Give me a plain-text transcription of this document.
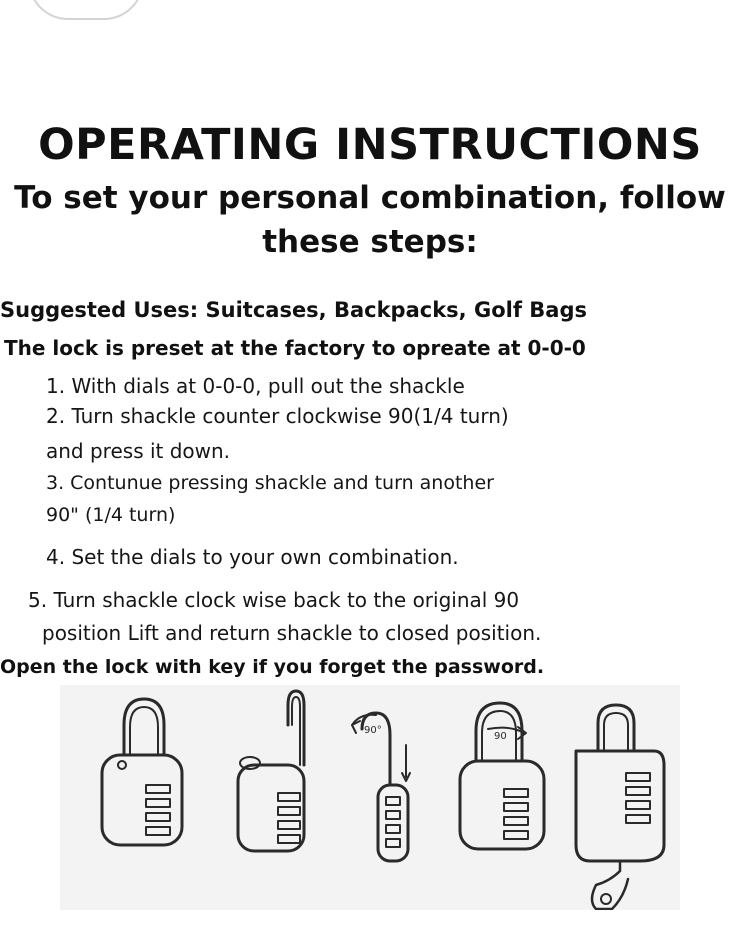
OPERATING INSTRUCTIONS
To set your personal combination, follow these steps:
Suggested Uses: Suitcases, Backpacks, Golf Bags
The lock is preset at the factory to opreate at 0-0-0
1. With dials at 0-0-0, pull out the shackle
2. Turn shackle counter clockwise 90(1/4 turn)
and press it down.
3. Contunue pressing shackle and turn another
90" (1/4 turn)
4. Set the dials to your own combination.
5. Turn shackle clock wise back to the original 90
position Lift and return shackle to closed position.
Open the lock with key if you forget the password.
90°
90
